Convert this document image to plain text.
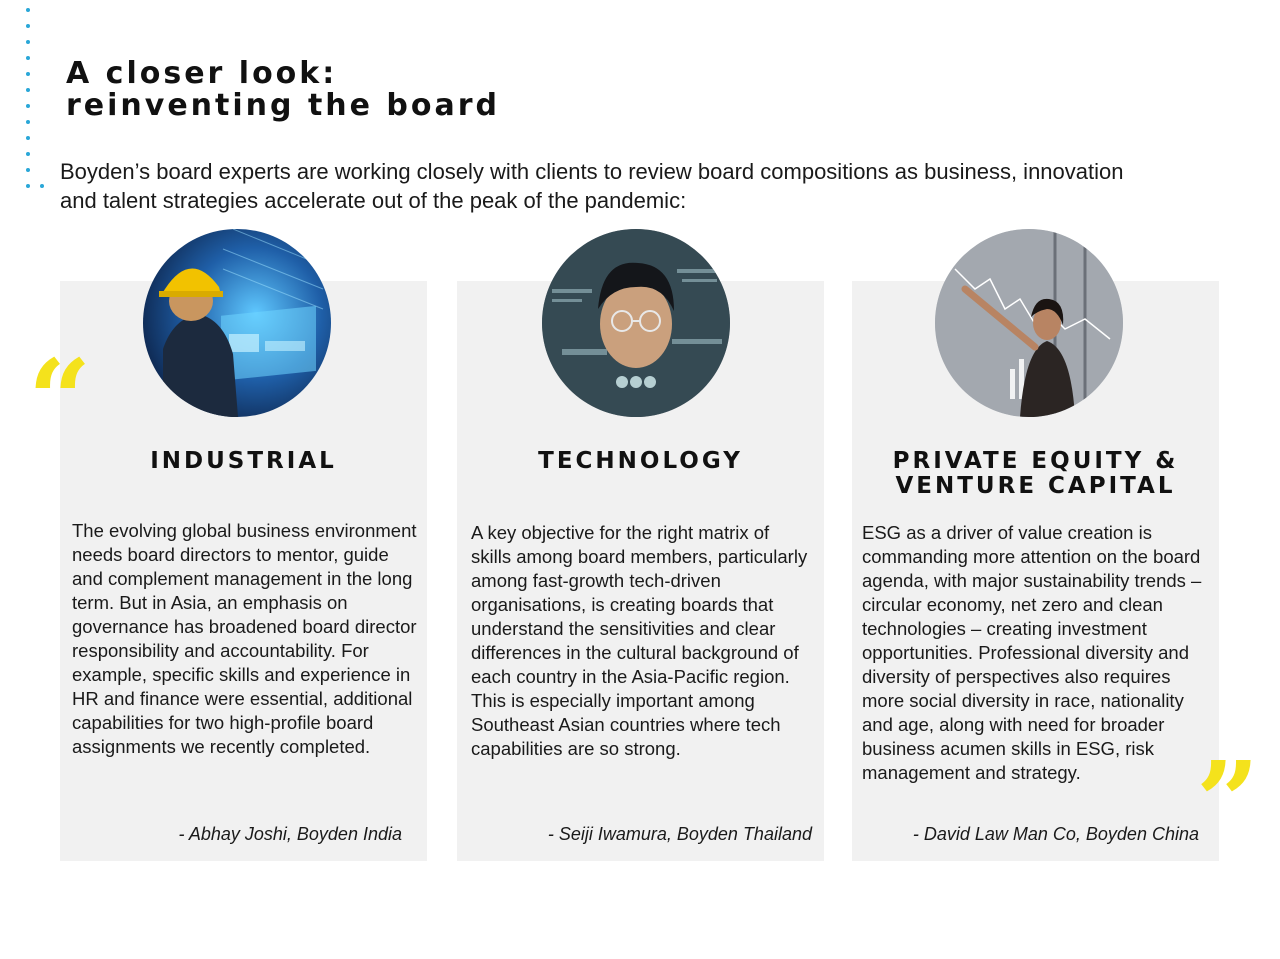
A closer look:
reinventing the board
Boyden’s board experts are working closely with clients to review board compositions as business, innovation and talent strategies accelerate out of the peak of the pandemic:
INDUSTRIAL
The evolving global business environment needs board directors to mentor, guide and complement management in the long term. But in Asia, an emphasis on governance has broadened board director responsibility and accountability. For example, specific skills and experience in HR and finance were essential, additional capabilities for two high-profile board assignments we recently completed.
- Abhay Joshi, Boyden India
TECHNOLOGY
A key objective for the right matrix of skills among board members, particularly among fast-growth tech-driven organisations, is creating boards that understand the sensitivities and clear differences in the cultural background of each country in the Asia-Pacific region. This is especially important among Southeast Asian countries where tech capabilities are so strong.
- Seiji Iwamura, Boyden Thailand
PRIVATE EQUITY &
VENTURE CAPITAL
ESG as a driver of value creation is commanding more attention on the board agenda, with major sustainability trends – circular economy, net zero and clean technologies – creating investment opportunities. Professional diversity and diversity of perspectives also requires more social diversity in race, nationality and age, along with need for broader business acumen skills in ESG, risk management and strategy.
- David Law Man Co, Boyden China
“
”
